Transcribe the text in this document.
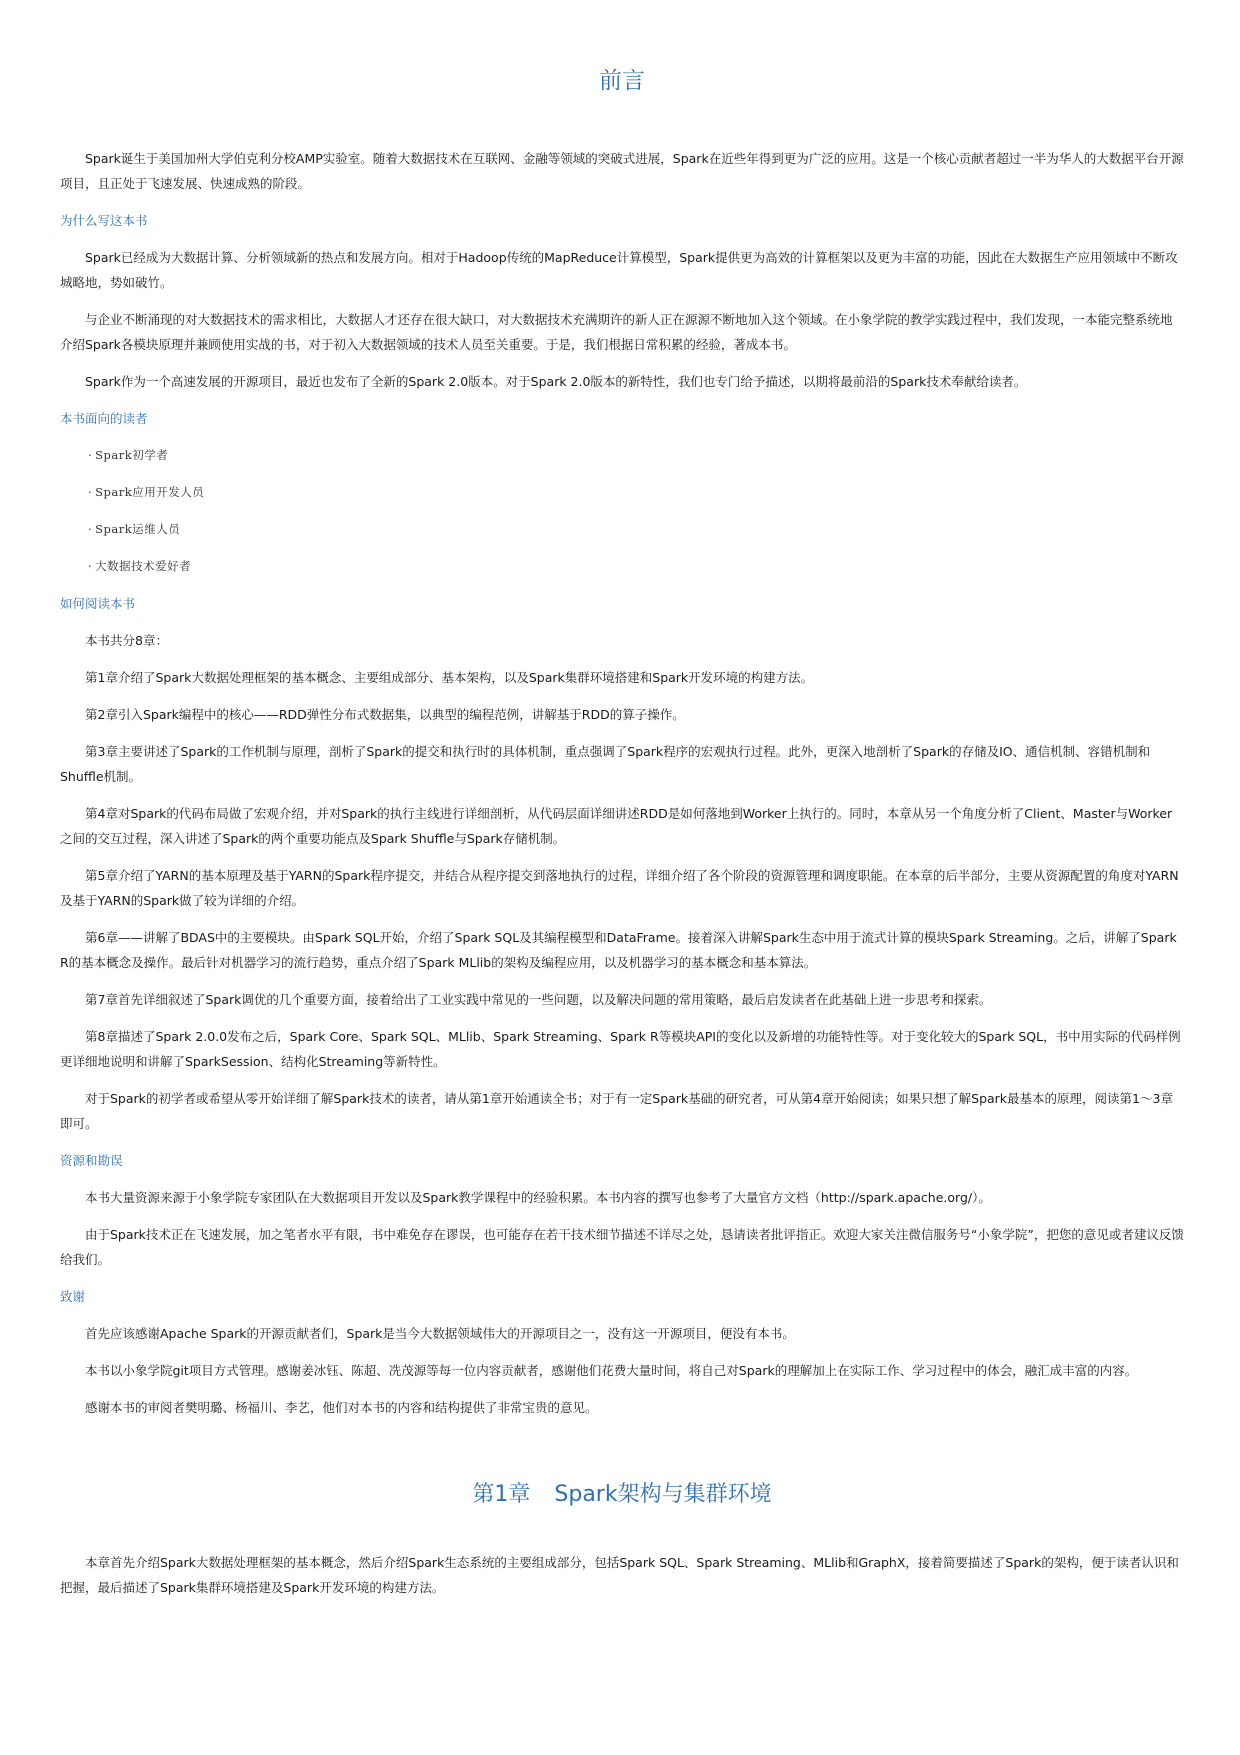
前言

Spark诞生于美国加州大学伯克利分校AMP实验室。随着大数据技术在互联网、金融等领域的突破式进展，Spark在近些年得到更为广泛的应用。这是一个核心贡献者超过一半为华人的大数据平台开源项目，且正处于飞速发展、快速成熟的阶段。

为什么写这本书

Spark已经成为大数据计算、分析领域新的热点和发展方向。相对于Hadoop传统的MapReduce计算模型，Spark提供更为高效的计算框架以及更为丰富的功能，因此在大数据生产应用领域中不断攻城略地，势如破竹。

与企业不断涌现的对大数据技术的需求相比，大数据人才还存在很大缺口，对大数据技术充满期许的新人正在源源不断地加入这个领域。在小象学院的教学实践过程中，我们发现，一本能完整系统地介绍Spark各模块原理并兼顾使用实战的书，对于初入大数据领域的技术人员至关重要。于是，我们根据日常积累的经验，著成本书。

Spark作为一个高速发展的开源项目，最近也发布了全新的Spark 2.0版本。对于Spark 2.0版本的新特性，我们也专门给予描述，以期将最前沿的Spark技术奉献给读者。

本书面向的读者
· Spark初学者
· Spark应用开发人员
· Spark运维人员
· 大数据技术爱好者
如何阅读本书

本书共分8章：

第1章介绍了Spark大数据处理框架的基本概念、主要组成部分、基本架构，以及Spark集群环境搭建和Spark开发环境的构建方法。

第2章引入Spark编程中的核心——RDD弹性分布式数据集，以典型的编程范例，讲解基于RDD的算子操作。

第3章主要讲述了Spark的工作机制与原理，剖析了Spark的提交和执行时的具体机制，重点强调了Spark程序的宏观执行过程。此外，更深入地剖析了Spark的存储及IO、通信机制、容错机制和Shuffle机制。

第4章对Spark的代码布局做了宏观介绍，并对Spark的执行主线进行详细剖析，从代码层面详细讲述RDD是如何落地到Worker上执行的。同时，本章从另一个角度分析了Client、Master与Worker之间的交互过程，深入讲述了Spark的两个重要功能点及Spark Shuffle与Spark存储机制。

第5章介绍了YARN的基本原理及基于YARN的Spark程序提交，并结合从程序提交到落地执行的过程，详细介绍了各个阶段的资源管理和调度职能。在本章的后半部分，主要从资源配置的角度对YARN及基于YARN的Spark做了较为详细的介绍。

第6章——讲解了BDAS中的主要模块。由Spark SQL开始，介绍了Spark SQL及其编程模型和DataFrame。接着深入讲解Spark生态中用于流式计算的模块Spark Streaming。之后，讲解了Spark R的基本概念及操作。最后针对机器学习的流行趋势，重点介绍了Spark MLlib的架构及编程应用，以及机器学习的基本概念和基本算法。

第7章首先详细叙述了Spark调优的几个重要方面，接着给出了工业实践中常见的一些问题，以及解决问题的常用策略，最后启发读者在此基础上进一步思考和探索。

第8章描述了Spark 2.0.0发布之后，Spark Core、Spark SQL、MLlib、Spark Streaming、Spark R等模块API的变化以及新增的功能特性等。对于变化较大的Spark SQL，书中用实际的代码样例更详细地说明和讲解了SparkSession、结构化Streaming等新特性。

对于Spark的初学者或希望从零开始详细了解Spark技术的读者，请从第1章开始通读全书；对于有一定Spark基础的研究者，可从第4章开始阅读；如果只想了解Spark最基本的原理，阅读第1～3章即可。

资源和勘误

本书大量资源来源于小象学院专家团队在大数据项目开发以及Spark教学课程中的经验积累。本书内容的撰写也参考了大量官方文档（http://spark.apache.org/）。

由于Spark技术正在飞速发展，加之笔者水平有限，书中难免存在谬误，也可能存在若干技术细节描述不详尽之处，恳请读者批评指正。欢迎大家关注微信服务号“小象学院”，把您的意见或者建议反馈给我们。

致谢

首先应该感谢Apache Spark的开源贡献者们，Spark是当今大数据领域伟大的开源项目之一，没有这一开源项目，便没有本书。

本书以小象学院git项目方式管理。感谢姜冰钰、陈超、冼茂源等每一位内容贡献者，感谢他们花费大量时间，将自己对Spark的理解加上在实际工作、学习过程中的体会，融汇成丰富的内容。

感谢本书的审阅者樊明璐、杨福川、李艺，他们对本书的内容和结构提供了非常宝贵的意见。

第1章 Spark架构与集群环境

本章首先介绍Spark大数据处理框架的基本概念，然后介绍Spark生态系统的主要组成部分，包括Spark SQL、Spark Streaming、MLlib和GraphX，接着简要描述了Spark的架构，便于读者认识和把握，最后描述了Spark集群环境搭建及Spark开发环境的构建方法。
